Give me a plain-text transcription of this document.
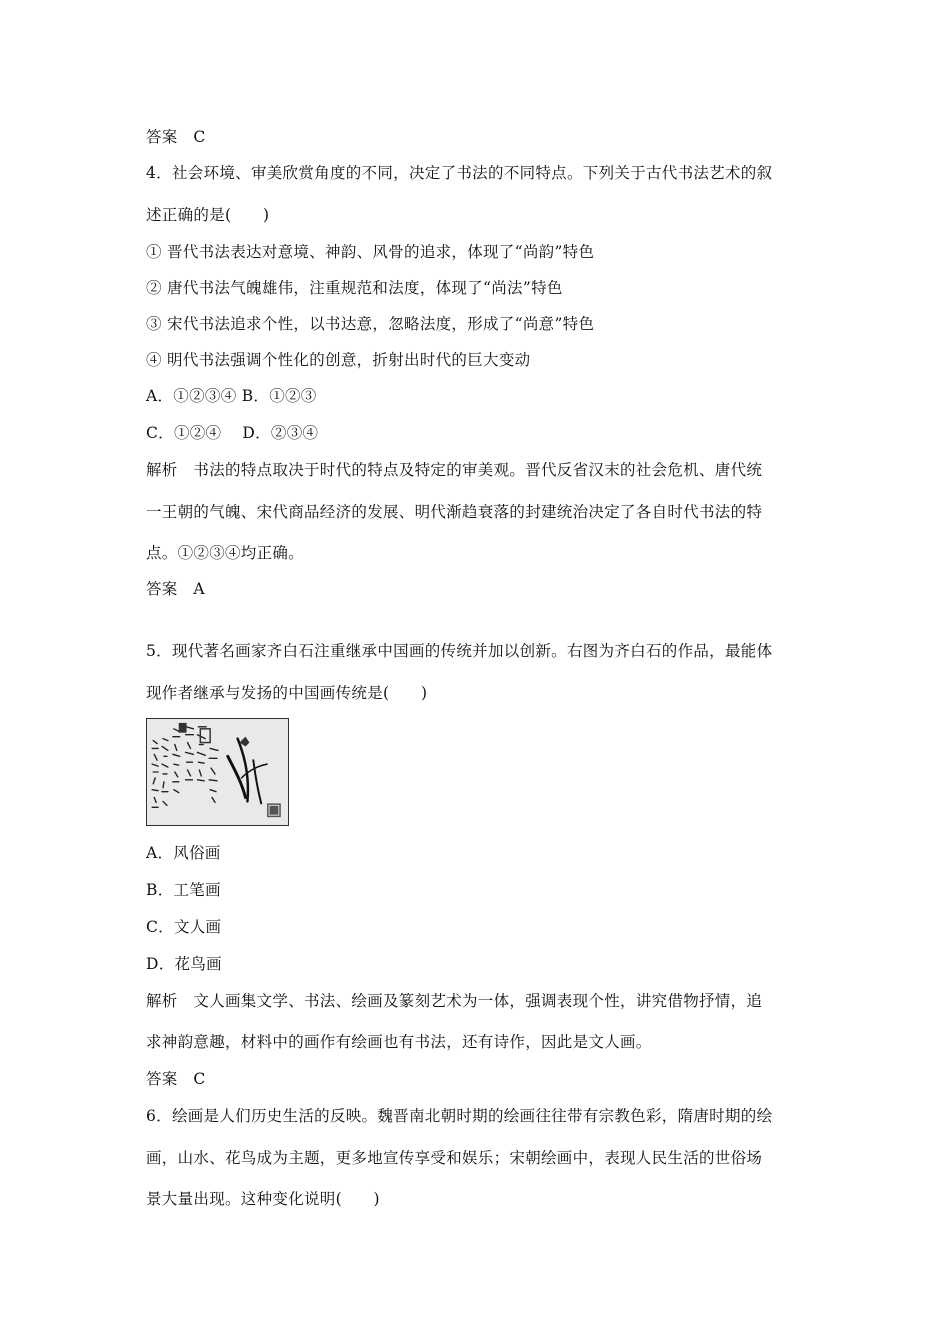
答案　C
4．社会环境、审美欣赏角度的不同，决定了书法的不同特点。下列关于古代书法艺术的叙
述正确的是(　　)
① 晋代书法表达对意境、神韵、风骨的追求，体现了“尚韵”特色
② 唐代书法气魄雄伟，注重规范和法度，体现了“尚法”特色
③ 宋代书法追求个性，以书达意，忽略法度，形成了“尚意”特色
④ 明代书法强调个性化的创意，折射出时代的巨大变动
A．①②③④ B．①②③
C．①②④　 D．②③④
解析　书法的特点取决于时代的特点及特定的审美观。晋代反省汉末的社会危机、唐代统
一王朝的气魄、宋代商品经济的发展、明代渐趋衰落的封建统治决定了各自时代书法的特
点。①②③④均正确。
答案　A
5．现代著名画家齐白石注重继承中国画的传统并加以创新。右图为齐白石的作品，最能体
现作者继承与发扬的中国画传统是(　　)
A．风俗画
B．工笔画
C．文人画
D．花鸟画
解析　文人画集文学、书法、绘画及篆刻艺术为一体，强调表现个性，讲究借物抒情，追
求神韵意趣，材料中的画作有绘画也有书法，还有诗作，因此是文人画。
答案　C
6．绘画是人们历史生活的反映。魏晋南北朝时期的绘画往往带有宗教色彩，隋唐时期的绘
画，山水、花鸟成为主题，更多地宣传享受和娱乐；宋朝绘画中，表现人民生活的世俗场
景大量出现。这种变化说明(　　)
